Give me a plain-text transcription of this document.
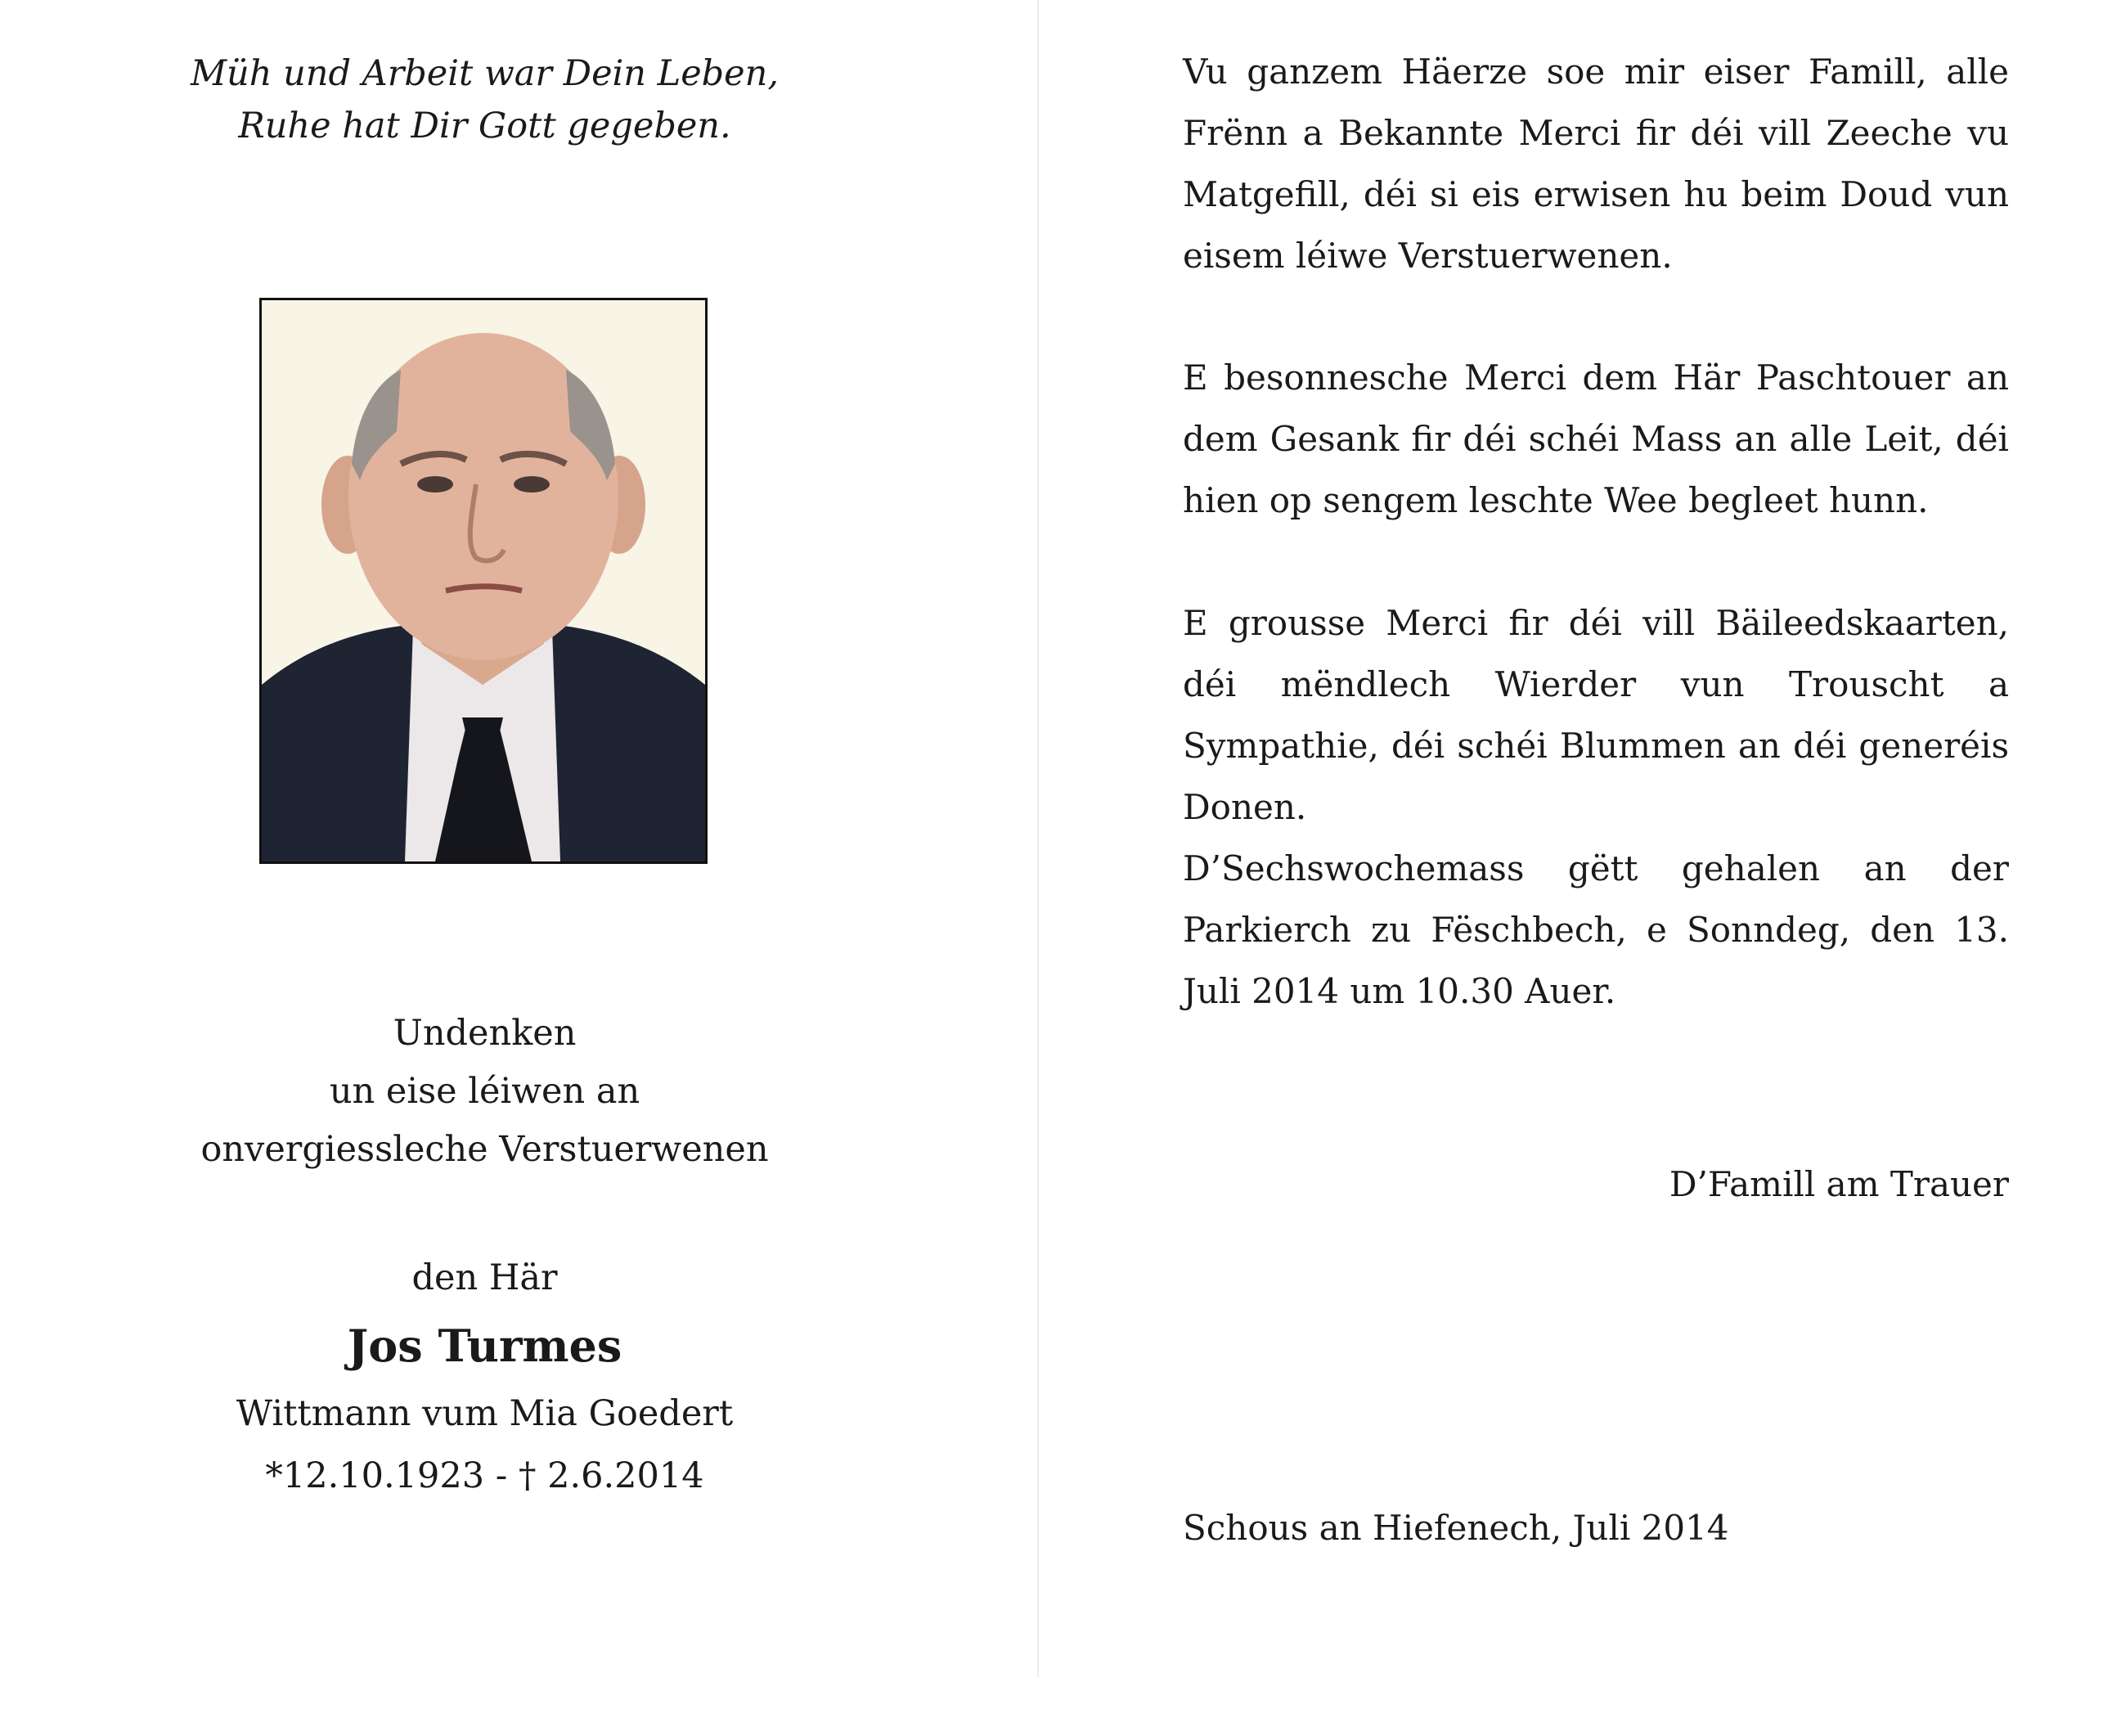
Müh und Arbeit war Dein Leben,
Ruhe hat Dir Gott gegeben.

Undenken
un eise léiwen an
onvergiessleche Verstuerwenen
den Här
Jos Turmes
Wittmann vum Mia Goedert
*12.10.1923 - † 2.6.2014

Vu ganzem Häerze soe mir eiser Famill, alle Frënn a Bekannte Merci fir déi vill Zeeche vu Matgefill, déi si eis erwisen hu beim Doud vun eisem léiwe Verstuerwenen.

E besonnesche Merci dem Här Paschtouer an dem Gesank fir déi schéi Mass an alle Leit, déi hien op sengem leschte Wee begleet hunn.

E grousse Merci fir déi vill Bäileedskaarten, déi mëndlech Wierder vun Trouscht a Sympathie, déi schéi Blummen an déi generéis Donen.

D’Sechswochemass gëtt gehalen an der Parkierch zu Fëschbech, e Sonndeg, den 13. Juli 2014 um 10.30 Auer.

D’Famill am Trauer
Schous an Hiefenech, Juli 2014
